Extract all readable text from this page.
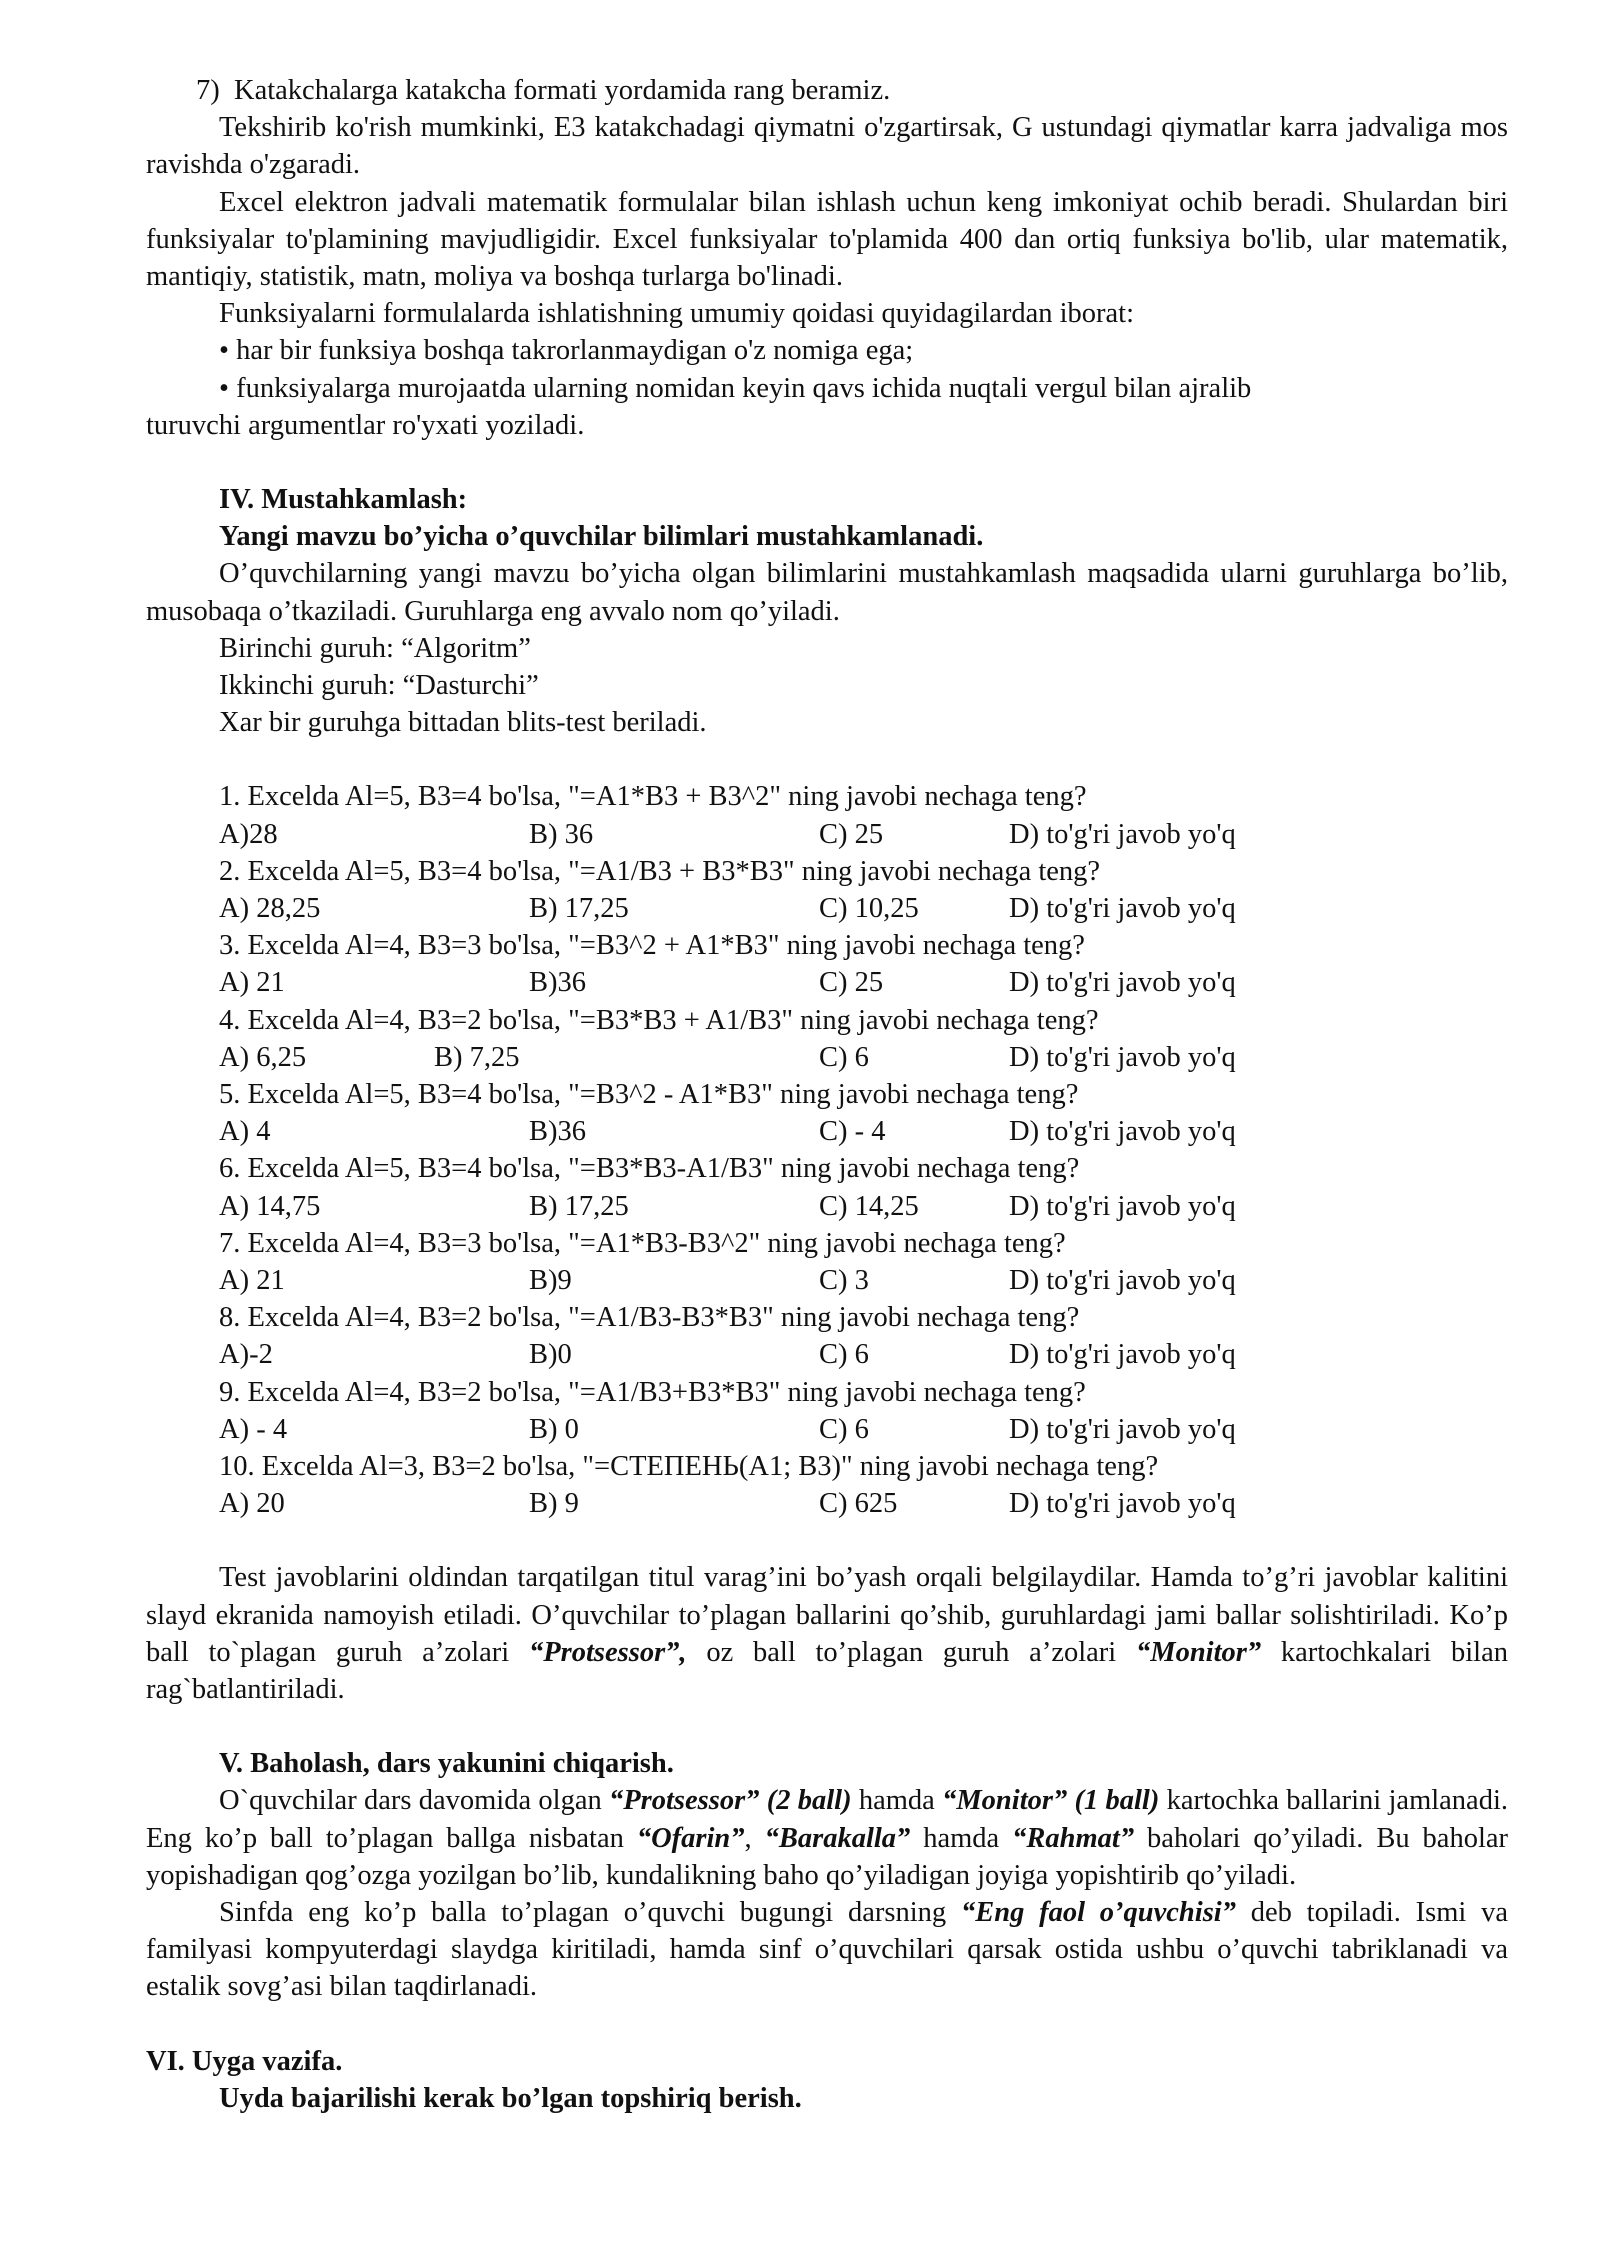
7)  Katakchalarga katakcha formati yordamida rang beramiz.

Tekshirib ko'rish mumkinki, E3 katakchadagi qiymatni o'zgartirsak, G ustundagi qiymatlar karra jadvaliga mos ravishda o'zgaradi.

Excel elektron jadvali matematik formulalar bilan ishlash uchun keng imkoniyat ochib beradi. Shulardan biri funksiyalar to'plamining mavjudligidir. Excel funksiyalar to'plamida 400 dan ortiq funksiya bo'lib, ular matematik, mantiqiy, statistik, matn, moliya va boshqa turlarga bo'linadi.

Funksiyalarni formulalarda ishlatishning umumiy qoidasi quyidagilardan iborat:

• har bir funksiya boshqa takrorlanmaydigan o'z nomiga ega;

• funksiyalarga murojaatda ularning nomidan keyin qavs ichida nuqtali vergul bilan ajralib

turuvchi argumentlar ro'yxati yoziladi.

IV. Mustahkamlash:

Yangi mavzu bo’yicha o’quvchilar bilimlari mustahkamlanadi.

O’quvchilarning yangi mavzu bo’yicha olgan bilimlarini mustahkamlash maqsadida ularni guruhlarga bo’lib, musobaqa o’tkaziladi. Guruhlarga eng avvalo nom qo’yiladi.

Birinchi guruh: “Algoritm”

Ikkinchi guruh: “Dasturchi”

Xar bir guruhga bittadan blits-test beriladi.

1. Excelda Al=5, B3=4 bo'lsa, "=A1*B3 + B3^2" ning javobi nechaga teng?

A)28	B) 36	C) 25	D) to'g'ri javob yo'q

2. Excelda Al=5, B3=4 bo'lsa, "=A1/B3 + B3*B3" ning javobi nechaga teng?

A) 28,25	B) 17,25	C) 10,25	D) to'g'ri javob yo'q

3. Excelda Al=4, B3=3 bo'lsa, "=B3^2 + A1*B3" ning javobi nechaga teng?

A) 21	B)36	C) 25	D) to'g'ri javob yo'q

4. Excelda Al=4, B3=2 bo'lsa, "=B3*B3 + A1/B3" ning javobi nechaga teng?

A) 6,25	B) 7,25	C) 6	D) to'g'ri javob yo'q

5. Excelda Al=5, B3=4 bo'lsa, "=B3^2 - A1*B3" ning javobi nechaga teng?

A) 4	B)36	C) - 4	D) to'g'ri javob yo'q

6. Excelda Al=5, B3=4 bo'lsa, "=B3*B3-A1/B3" ning javobi nechaga teng?

A) 14,75	B) 17,25	C) 14,25	D) to'g'ri javob yo'q

7. Excelda Al=4, B3=3 bo'lsa, "=A1*B3-B3^2" ning javobi nechaga teng?

A) 21	B)9	C) 3	D) to'g'ri javob yo'q

8. Excelda Al=4, B3=2 bo'lsa, "=A1/B3-B3*B3" ning javobi nechaga teng?

A)-2	B)0	C) 6	D) to'g'ri javob yo'q

9. Excelda Al=4, B3=2 bo'lsa, "=A1/B3+B3*B3" ning javobi nechaga teng?

A) - 4	B) 0	C) 6	D) to'g'ri javob yo'q

10. Excelda Al=3, B3=2 bo'lsa, "=СТЕПЕНЬ(A1; B3)" ning javobi nechaga teng?

A) 20	B) 9	C) 625	D) to'g'ri javob yo'q

Test javoblarini oldindan tarqatilgan titul varag’ini bo’yash orqali belgilaydilar. Hamda to’g’ri javoblar kalitini slayd ekranida namoyish etiladi. O’quvchilar to’plagan ballarini qo’shib, guruhlardagi jami ballar solishtiriladi. Ko’p ball to`plagan guruh a’zolari “Protsessor”, oz ball to’plagan guruh a’zolari “Monitor” kartochkalari bilan rag`batlantiriladi.

V. Baholash, dars yakunini chiqarish.

O`quvchilar dars davomida olgan “Protsessor” (2 ball) hamda “Monitor” (1 ball) kartochka ballarini jamlanadi. Eng ko’p ball to’plagan ballga nisbatan “Ofarin”, “Barakalla” hamda “Rahmat” baholari qo’yiladi. Bu baholar yopishadigan qog’ozga yozilgan bo’lib, kundalikning baho qo’yiladigan joyiga yopishtirib qo’yiladi.

Sinfda eng ko’p balla to’plagan o’quvchi bugungi darsning “Eng faol o’quvchisi” deb topiladi. Ismi va familyasi kompyuterdagi slaydga kiritiladi, hamda sinf o’quvchilari qarsak ostida ushbu o’quvchi tabriklanadi va estalik sovg’asi bilan taqdirlanadi.

VI. Uyga vazifa.

Uyda bajarilishi kerak bo’lgan topshiriq berish.
